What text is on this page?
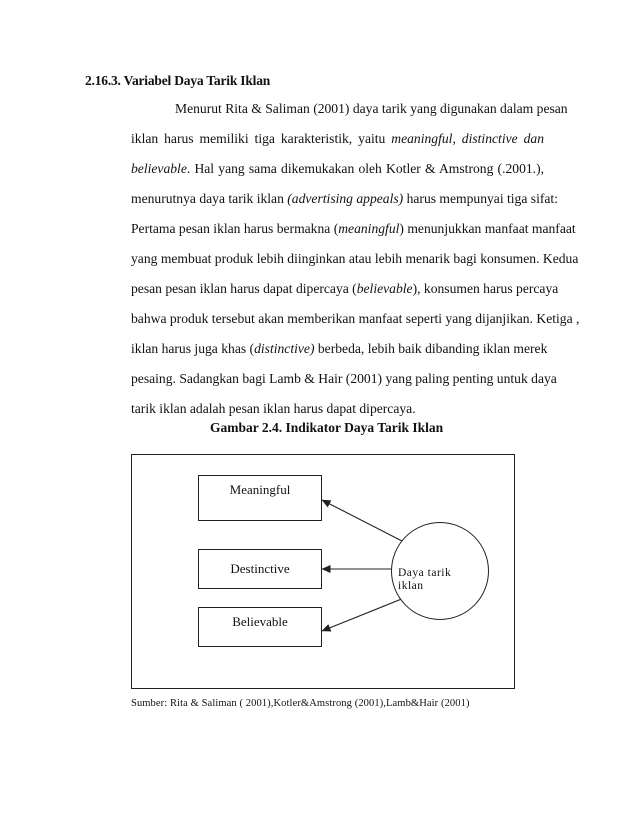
2.16.3. Variabel Daya Tarik Iklan
Menurut Rita & Saliman (2001) daya tarik yang digunakan dalam pesan
iklan harus memiliki tiga karakteristik, yaitu meaningful, distinctive dan
believable. Hal yang sama dikemukakan oleh Kotler & Amstrong (.2001.),
menurutnya daya tarik iklan (advertising appeals) harus mempunyai tiga sifat:
Pertama pesan iklan harus bermakna (meaningful) menunjukkan manfaat manfaat
yang membuat produk lebih diinginkan atau lebih menarik bagi konsumen. Kedua
pesan pesan iklan harus dapat dipercaya (believable), konsumen harus percaya
bahwa produk tersebut akan memberikan manfaat seperti yang dijanjikan. Ketiga ,
iklan harus juga khas (distinctive) berbeda, lebih baik dibanding iklan merek
pesaing. Sadangkan bagi Lamb & Hair (2001) yang paling penting untuk daya
tarik iklan adalah pesan iklan harus dapat dipercaya.
Gambar 2.4. Indikator Daya Tarik Iklan
Meaningful
Destinctive
Believable
Daya tarik iklan
Sumber: Rita & Saliman ( 2001),Kotler&Amstrong (2001),Lamb&Hair (2001)
